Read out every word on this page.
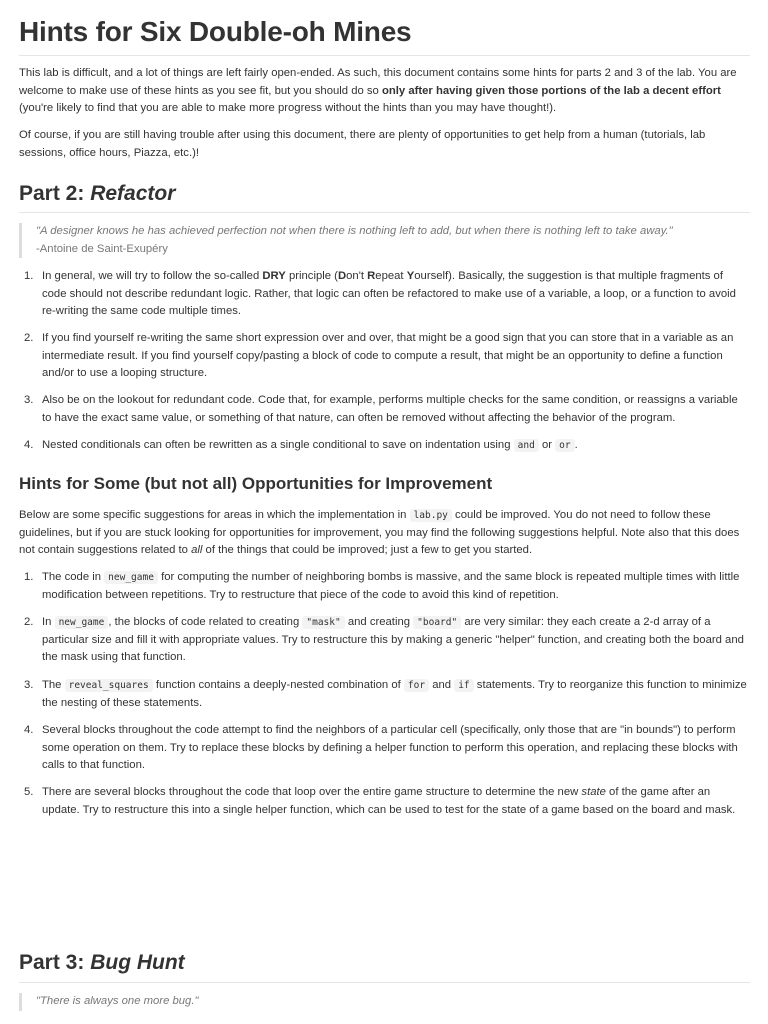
Hints for Six Double-oh Mines

This lab is difficult, and a lot of things are left fairly open-ended. As such, this document contains some hints for parts 2 and 3 of the lab. You are welcome to make use of these hints as you see fit, but you should do so only after having given those portions of the lab a decent effort (you're likely to find that you are able to make more progress without the hints than you may have thought!).

Of course, if you are still having trouble after using this document, there are plenty of opportunities to get help from a human (tutorials, lab sessions, office hours, Piazza, etc.)!

Part 2: Refactor
"A designer knows he has achieved perfection not when there is nothing left to add, but when there is nothing left to take away."
-Antoine de Saint-Exupéry
1. In general, we will try to follow the so-called DRY principle (Don't Repeat Yourself). Basically, the suggestion is that multiple fragments of code should not describe redundant logic. Rather, that logic can often be refactored to make use of a variable, a loop, or a function to avoid re-writing the same code multiple times.
2. If you find yourself re-writing the same short expression over and over, that might be a good sign that you can store that in a variable as an intermediate result. If you find yourself copy/pasting a block of code to compute a result, that might be an opportunity to define a function and/or to use a looping structure.
3. Also be on the lookout for redundant code. Code that, for example, performs multiple checks for the same condition, or reassigns a variable to have the exact same value, or something of that nature, can often be removed without affecting the behavior of the program.
4. Nested conditionals can often be rewritten as a single conditional to save on indentation using and or or .
Hints for Some (but not all) Opportunities for Improvement

Below are some specific suggestions for areas in which the implementation in lab.py could be improved. You do not need to follow these guidelines, but if you are stuck looking for opportunities for improvement, you may find the following suggestions helpful. Note also that this does not contain suggestions related to all of the things that could be improved; just a few to get you started.

1. The code in new_game for computing the number of neighboring bombs is massive, and the same block is repeated multiple times with little modification between repetitions. Try to restructure that piece of the code to avoid this kind of repetition.
2. In new_game , the blocks of code related to creating "mask" and creating "board" are very similar: they each create a 2-d array of a particular size and fill it with appropriate values. Try to restructure this by making a generic "helper" function, and creating both the board and the mask using that function.
3. The reveal_squares function contains a deeply-nested combination of for and if statements. Try to reorganize this function to minimize the nesting of these statements.
4. Several blocks throughout the code attempt to find the neighbors of a particular cell (specifically, only those that are "in bounds") to perform some operation on them. Try to replace these blocks by defining a helper function to perform this operation, and replacing these blocks with calls to that function.
5. There are several blocks throughout the code that loop over the entire game structure to determine the new state of the game after an update. Try to restructure this into a single helper function, which can be used to test for the state of a game based on the board and mask.
Part 3: Bug Hunt
"There is always one more bug."
